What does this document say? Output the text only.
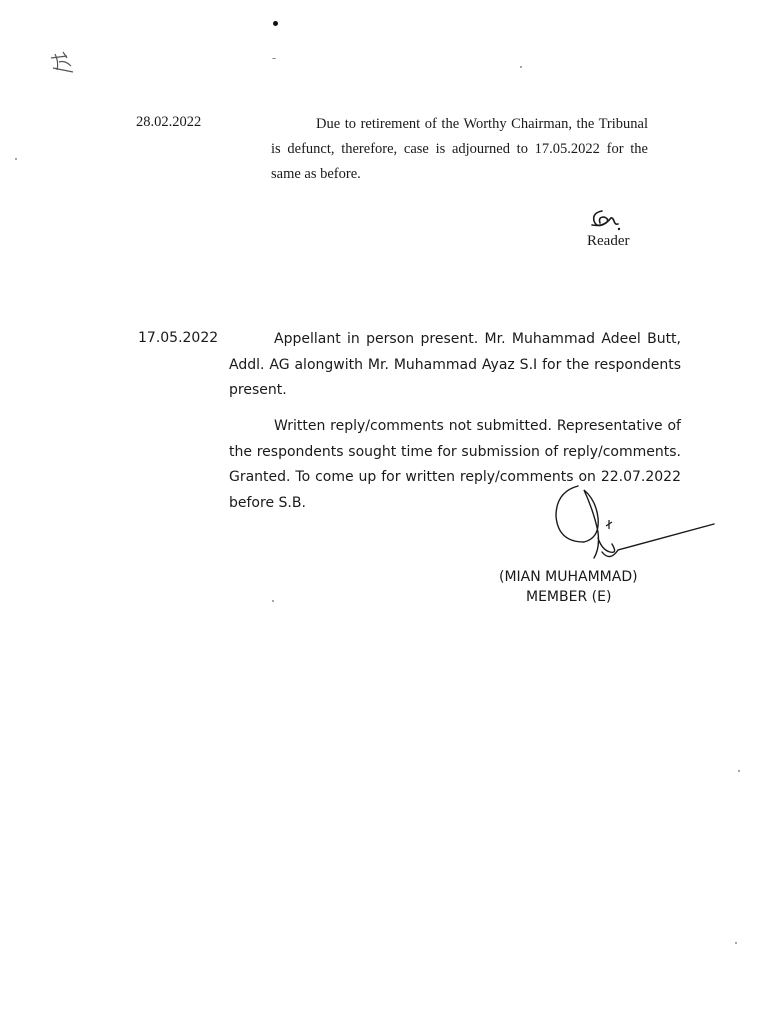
28.02.2022	Due to retirement of the Worthy Chairman, the Tribunal is defunct, therefore, case is adjourned to 17.05.2022 for the same as before.

Reader
17.05.2022	Appellant in person present. Mr. Muhammad Adeel Butt, Addl. AG alongwith Mr. Muhammad Ayaz S.I for the respondents present.

Written reply/comments not submitted. Representative of the respondents sought time for submission of reply/comments. Granted. To come up for written reply/comments on 22.07.2022 before S.B.

(MIAN MUHAMMAD)
MEMBER (E)
